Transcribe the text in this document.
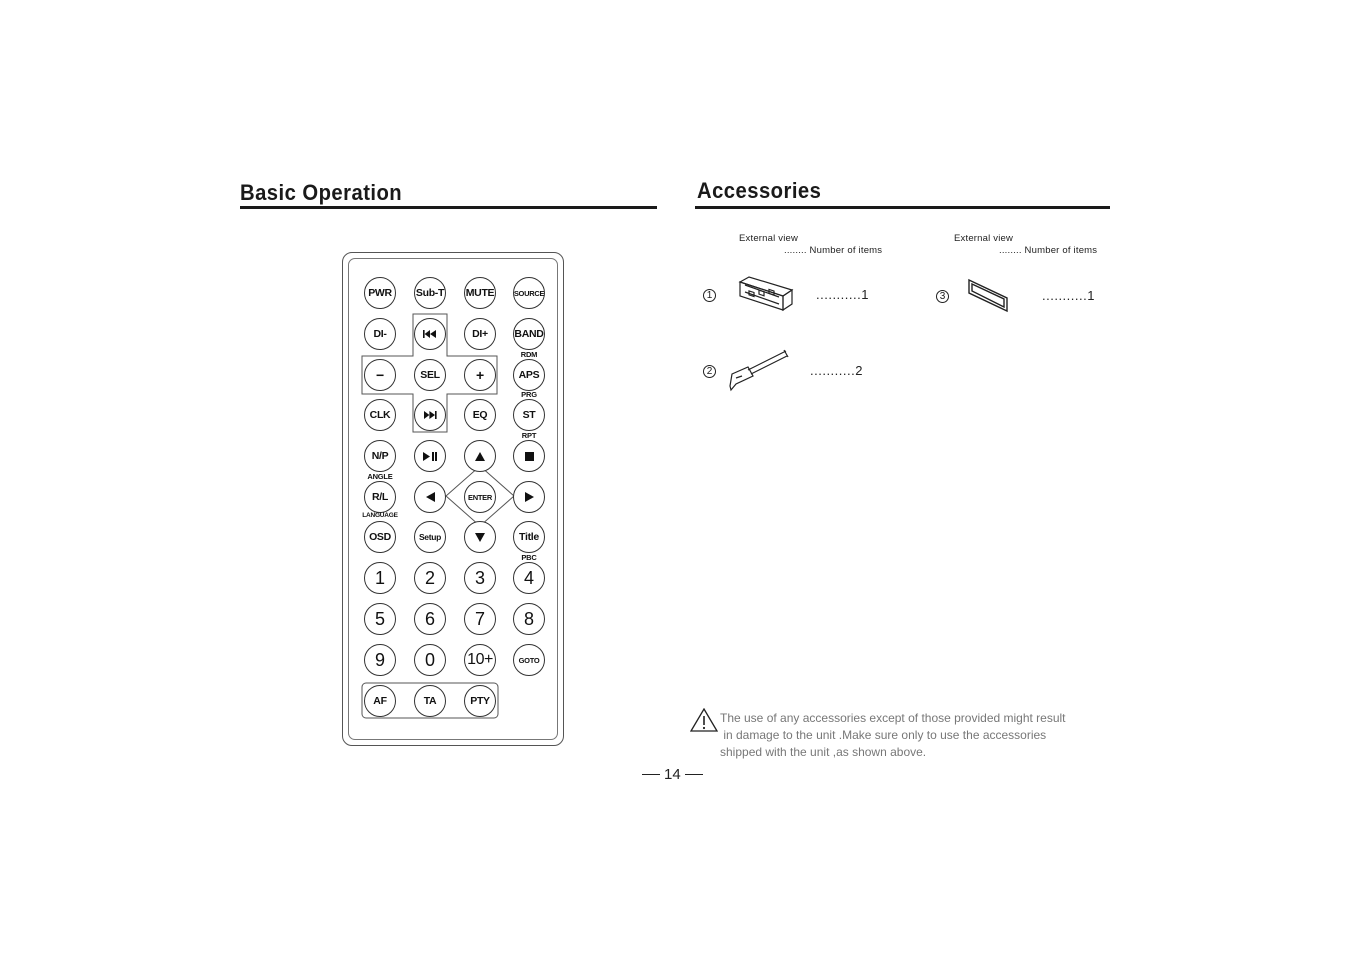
Basic Operation	Accessories
PWR	Sub-T MUTE	SOURCE
DI-	DI+	BAND
RDM
−	SEL	+	APS
PRG
CLK	EQ	ST
RPT
N/P
ANGLE
R/L
LANGUAGE
ENTER
OSD	Setup	Title
PBC
1	2	3	4
5	6	7	8
9	0	10+	GOTO
AF	TA	PTY
External view
........ Number of items
External view
........ Number of items
1	...........1	3	...........1
2	...........2
The use of any accessories except of those provided might result
in damage to the unit .Make sure only to use the accessories
shipped with the unit ,as shown above.
14
